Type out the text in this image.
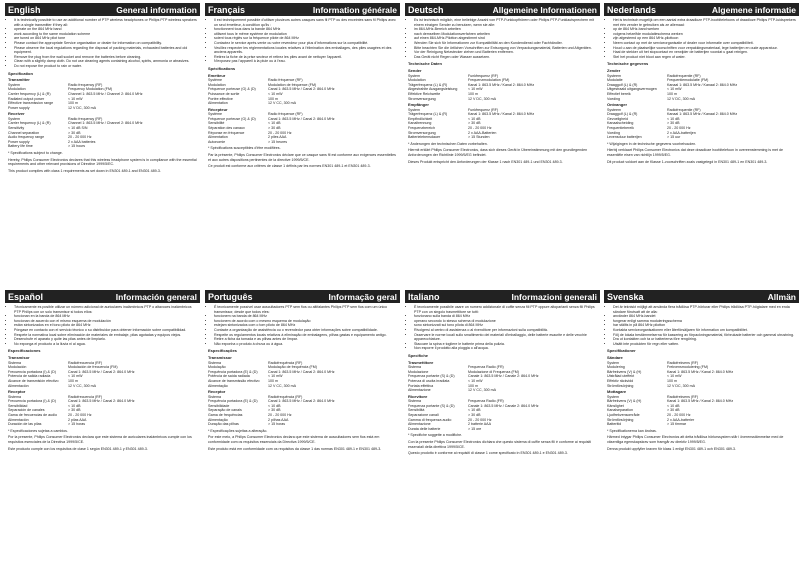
English	General information
• It is technically possible to use an additional number of PTP wireless headphones or Philips PTP wireless speakers with a single transmitter if they all:
• operate on the 864 MHz band
• work according to the same modulation scheme
• are tuned on 864 MHz pilot tone
• Please contact the appropriate Service organisation or dealer for information on compatibility.
• Please observe the local regulations regarding the disposal of packing materials, exhausted batteries and old equipment.
• Remove the plug from the wall socket and remove the batteries before cleaning.
• Clean with a slightly damp cloth. Do not use cleaning agents containing alcohol, spirits, ammonia or abrasives.
• Do not expose the product to rain or water.
Specification
Transmitter
System	Radio frequency (RF)
Modulation	Frequency Modulation (FM)
Carrier frequency (L) & (R)	Channel 1: 863.5 MHz / Channel 2: 864.0 MHz
Radiated output power	< 10 mW
Effective transmission range	100 m
Power supply	12 V DC, 300 mA
Receiver
System	Radio frequency (RF)
Carrier frequency (L) & (R)	Channel 1: 863.5 MHz / Channel 2: 864.0 MHz
Sensitivity	< 10 dB S/N
Channel separation	> 30 dB
Audio frequency range	20 - 20 000 Hz
Power supply	2 x AAA batteries
Battery life time	> 15 hours
* Specifications subject to change.
Hereby, Philips Consumer Electronics declares that this wireless headphone system is in compliance with the essential requirements and other relevant provisions of Directive 1999/5/EC.
This product complies with class 1 requirements as set down in EN301 489-1 and EN301 489-3.
Français	Information générale
• Il est techniquement possible d'utiliser plusieurs autres casques sans fil PTP ou des enceintes sans fil Philips avec un seul émetteur, à condition qu'ils :
• fonctionnent tous dans la bande 864 MHz
• utilisent tous le même système de modulation
• soient tous réglés sur la fréquence pilote de 864 MHz
• Contactez le service après-vente ou votre revendeur pour plus d'informations sur la compatibilité.
• Veuillez respecter les réglementations locales relatives à l'élimination des emballages, des piles usagées et des anciens appareils.
• Retirez la fiche de la prise secteur et retirez les piles avant de nettoyer l'appareil.
• N'exposez pas l'appareil à la pluie ou à l'eau.
Spécifications
Emetteur
Système	Radio fréquence (RF)
Modulation	Modulation de fréquence (FM)
Fréquence porteuse (G) & (D)	Canal 1: 863.5 MHz / Canal 2: 864.0 MHz
Puissance de sortie	< 10 mW
Portée effective	100 m
Alimentation	12 V CC, 300 mA
Récepteur
Système	Radio fréquence (RF)
Fréquence porteuse (G) & (D)	Canal 1: 863.5 MHz / Canal 2: 864.0 MHz
Sensibilité	< 10 dB
Séparation des canaux	> 30 dB
Réponse en fréquence	20 - 20 000 Hz
Alimentation	2 piles AAA
Autonomie	> 15 heures
* Spécifications susceptibles d'être modifiées.
Par la présente, Philips Consumer Electronics déclare que ce casque sans fil est conforme aux exigences essentielles et aux autres dispositions pertinentes de la directive 1999/5/CE.
Ce produit est conforme aux critères de classe 1 définis par les normes EN301 489-1 et EN301 489-3.
Deutsch	Allgemeine Informationen
• Es ist technisch möglich, eine beliebige Anzahl von PTP-Funkkopfhörern oder Philips PTP-Funklautsprechern mit einem einzigen Sender zu benutzen, wenn sie alle:
• im 864-MHz-Bereich arbeiten
• nach demselben Modulationsverfahren arbeiten
• auf einen 864-MHz-Pilotton abgestimmt sind
• Wenden Sie sich für Informationen zur Kompatibilität an den Kundendienst oder Fachhändler.
• Bitte beachten Sie die örtlichen Vorschriften zur Entsorgung von Verpackungsmaterial, Batterien und Altgeräten.
• Vor der Reinigung Netzstecker ziehen und Batterien entfernen.
• Das Gerät nicht Regen oder Wasser aussetzen.
Technische Daten
Sender
System	Funkfrequenz (RF)
Modulation	Frequenzmodulation (FM)
Trägerfrequenz (L) & (R)	Kanal 1: 863.5 MHz / Kanal 2: 864.0 MHz
Abgestrahlte Ausgangsleistung	< 10 mW
Effektive Reichweite	100 m
Stromversorgung	12 V DC, 300 mA
Empfänger
System	Funkfrequenz (RF)
Trägerfrequenz (L) & (R)	Kanal 1: 863.5 MHz / Kanal 2: 864.0 MHz
Empfindlichkeit	< 10 dB
Kanaltrennung	> 30 dB
Frequenzbereich	20 - 20 000 Hz
Stromversorgung	2 x AAA-Batterien
Batterielebensdauer	> 15 Stunden
* Änderungen der technischen Daten vorbehalten.
Hiermit erklärt Philips Consumer Electronics, dass sich dieses Gerät in Übereinstimmung mit den grundlegenden Anforderungen der Richtlinie 1999/5/EG befindet.
Dieses Produkt entspricht den Anforderungen der Klasse 1 nach EN301 489-1 und EN301 489-3.
Nederlands	Algemene informatie
• Het is technisch mogelijk om een aantal extra draadloze PTP-hoofdtelefoons of draadloze Philips PTP-luidsprekers met één zender te gebruiken als ze allemaal:
• op de 864 MHz-band werken
• volgens hetzelfde modulatieschema werken
• zijn afgestemd op een 864 MHz-pilottoon
• Neem contact op met de serviceorganisatie of dealer voor informatie over compatibiliteit.
• Houd u aan de plaatselijke voorschriften voor verpakkingsmateriaal, lege batterijen en oude apparatuur.
• Haal de stekker uit het stopcontact en verwijder de batterijen voordat u gaat reinigen.
• Stel het product niet bloot aan regen of water.
Technische gegevens
Zender
Systeem	Radiofrequentie (RF)
Modulatie	Frequentiemodulatie (FM)
Draaggolf (L) & (R)	Kanaal 1: 863.5 MHz / Kanaal 2: 864.0 MHz
Uitgestraald uitgangsvermogen	< 10 mW
Effectief bereik	100 m
Voeding	12 V DC, 300 mA
Ontvanger
Systeem	Radiofrequentie (RF)
Draaggolf (L) & (R)	Kanaal 1: 863.5 MHz / Kanaal 2: 864.0 MHz
Gevoeligheid	< 10 dB
Kanaalscheiding	> 30 dB
Frequentiebereik	20 - 20 000 Hz
Voeding	2 x AAA-batterijen
Levensduur batterijen	> 15 uur
* Wijzigingen in de technische gegevens voorbehouden.
Hierbij verklaart Philips Consumer Electronics dat deze draadloze hoofdtelefoon in overeenstemming is met de essentiële eisen van richtlijn 1999/5/EG.
Dit product voldoet aan de Klasse 1-voorschriften zoals vastgelegd in EN301 489-1 en EN301 489-3.
Español	Información general
• Técnicamente es posible utilizar un número adicional de auriculares inalámbricos PTP o altavoces inalámbricos PTP Philips con un solo transmisor si todos ellos:
• funcionan en la banda de 864 MHz
• funcionan de acuerdo con el mismo esquema de modulación
• están sintonizados en el tono piloto de 864 MHz
• Póngase en contacto con el servicio técnico o su distribuidor para obtener información sobre compatibilidad.
• Respete la normativa local sobre eliminación de materiales de embalaje, pilas agotadas y equipos viejos.
• Desenchufe el aparato y quite las pilas antes de limpiarlo.
• No exponga el producto a la lluvia ni al agua.
Especificaciones
Transmisor
Sistema	Radiofrecuencia (RF)
Modulación	Modulación de frecuencia (FM)
Frecuencia portadora (I) & (D)	Canal 1: 863.5 MHz / Canal 2: 864.0 MHz
Potencia de salida radiada	< 10 mW
Alcance de transmisión efectivo	100 m
Alimentación	12 V CC, 300 mA
Receptor
Sistema	Radiofrecuencia (RF)
Frecuencia portadora (I) & (D)	Canal 1: 863.5 MHz / Canal 2: 864.0 MHz
Sensibilidad	< 10 dB
Separación de canales	> 30 dB
Gama de frecuencias de audio	20 - 20 000 Hz
Alimentación	2 pilas AAA
Duración de las pilas	> 15 horas
* Especificaciones sujetas a cambios.
Por la presente, Philips Consumer Electronics declara que este sistema de auriculares inalámbricos cumple con los requisitos esenciales de la Directiva 1999/5/CE.
Este producto cumple con los requisitos de clase 1 según EN301 489-1 y EN301 489-3.
Português	Informação geral
• É tecnicamente possível usar auscultadores PTP sem fios ou altifalantes Philips PTP sem fios com um único transmissor, desde que todos eles:
• funcionem na banda de 864 MHz
• funcionem de acordo com o mesmo esquema de modulação
• estejam sintonizados com o tom piloto de 864 MHz
• Contacte a organização de assistência ou o revendedor para obter informações sobre compatibilidade.
• Respeite os regulamentos locais relativos à eliminação de embalagens, pilhas gastas e equipamento antigo.
• Retire a ficha da tomada e as pilhas antes de limpar.
• Não exponha o produto à chuva ou à água.
Especificações
Transmissor
Sistema	Radiofrequência (RF)
Modulação	Modulação de frequência (FM)
Frequência portadora (E) & (D)	Canal 1: 863.5 MHz / Canal 2: 864.0 MHz
Potência de saída radiada	< 10 mW
Alcance de transmissão efectivo	100 m
Alimentação	12 V CC, 300 mA
Receptor
Sistema	Radiofrequência (RF)
Frequência portadora (E) & (D)	Canal 1: 863.5 MHz / Canal 2: 864.0 MHz
Sensibilidade	< 10 dB
Separação de canais	> 30 dB
Gama de frequências	20 - 20 000 Hz
Alimentação	2 pilhas AAA
Duração das pilhas	> 15 horas
* Especificações sujeitas a alteração.
Por este meio, a Philips Consumer Electronics declara que este sistema de auscultadores sem fios está em conformidade com os requisitos essenciais da Directiva 1999/5/CE.
Este produto está em conformidade com os requisitos da classe 1 das normas EN301 489-1 e EN301 489-3.
Italiano	Informazioni generali
• È tecnicamente possibile usare un numero addizionale di cuffie senza fili PTP oppure altoparlanti senza fili Philips PTP con un singolo trasmettitore se tutti:
• funzionano sulla banda di 864 MHz
• operano secondo lo stesso schema di modulazione
• sono sintonizzati sul tono pilota di 864 MHz
• Rivolgersi al centro di assistenza o al rivenditore per informazioni sulla compatibilità.
• Osservare le norme locali sullo smaltimento dei materiali d'imballaggio, delle batterie esaurite e delle vecchie apparecchiature.
• Staccare la spina e togliere le batterie prima della pulizia.
• Non esporre il prodotto alla pioggia o all'acqua.
Specifiche
Trasmettitore
Sistema	Frequenza Radio (FR)
Modulazione	Modulazione di Frequenza (FM)
Frequenza portante (S) & (D)	Canale 1: 863.5 MHz / Canale 2: 864.0 MHz
Potenza di uscita irradiata	< 10 mW
Portata effettiva	100 m
Alimentazione	12 V CC, 300 mA
Ricevitore
Sistema	Frequenza Radio (FR)
Frequenza portante (S) & (D)	Canale 1: 863.5 MHz / Canale 2: 864.0 MHz
Sensibilità	< 10 dB
Separazione canali	> 30 dB
Gamma di frequenza audio	20 - 20 000 Hz
Alimentazione	2 batterie AAA
Durata delle batterie	> 15 ore
* Specifiche soggette a modifiche.
Con la presente Philips Consumer Electronics dichiara che questo sistema di cuffie senza fili è conforme ai requisiti essenziali della direttiva 1999/5/CE.
Questo prodotto è conforme ai requisiti di classe 1 come specificato in EN301 489-1 e EN301 489-3.
Svenska	Allmän
• Det är tekniskt möjligt att använda flera trådlösa PTP-hörlurar eller Philips trådlösa PTP-högtalare med en enda sändare förutsatt att de alla:
• använder 864 MHz-bandet
• fungerar enligt samma moduleringsschema
• har ställts in på 864 MHz pilotton
• Kontakta serviceorganisationen eller återförsäljaren för information om kompatibilitet.
• Följ de lokala bestämmelserna för kassering av förpackningsmaterial, förbrukade batterier och gammal utrustning.
• Dra ut kontakten och ta ur batterierna före rengöring.
• Utsätt inte produkten för regn eller vatten.
Specifikationer
Sändare
System	Radiofrekvens (RF)
Modulering	Frekvensmodulering (FM)
Bärfrekvens (V) & (H)	Kanal 1: 863.5 MHz / Kanal 2: 864.0 MHz
Utstrålad uteffekt	< 10 mW
Effektiv räckvidd	100 m
Strömförsörjning	12 V DC, 300 mA
Mottagare
System	Radiofrekvens (RF)
Bärfrekvens (V) & (H)	Kanal 1: 863.5 MHz / Kanal 2: 864.0 MHz
Känslighet	< 10 dB
Kanalseparation	> 30 dB
Ljudfrekvensområde	20 - 20 000 Hz
Strömförsörjning	2 x AAA-batterier
Batteritid	> 15 timmar
* Specifikationerna kan ändras.
Härmed intygar Philips Consumer Electronics att detta trådlösa hörlurssystem står i överensstämmelse med de väsentliga egenskapskrav som framgår av direktiv 1999/5/EG.
Denna produkt uppfyller kraven för klass 1 enligt EN301 489-1 och EN301 489-3.
